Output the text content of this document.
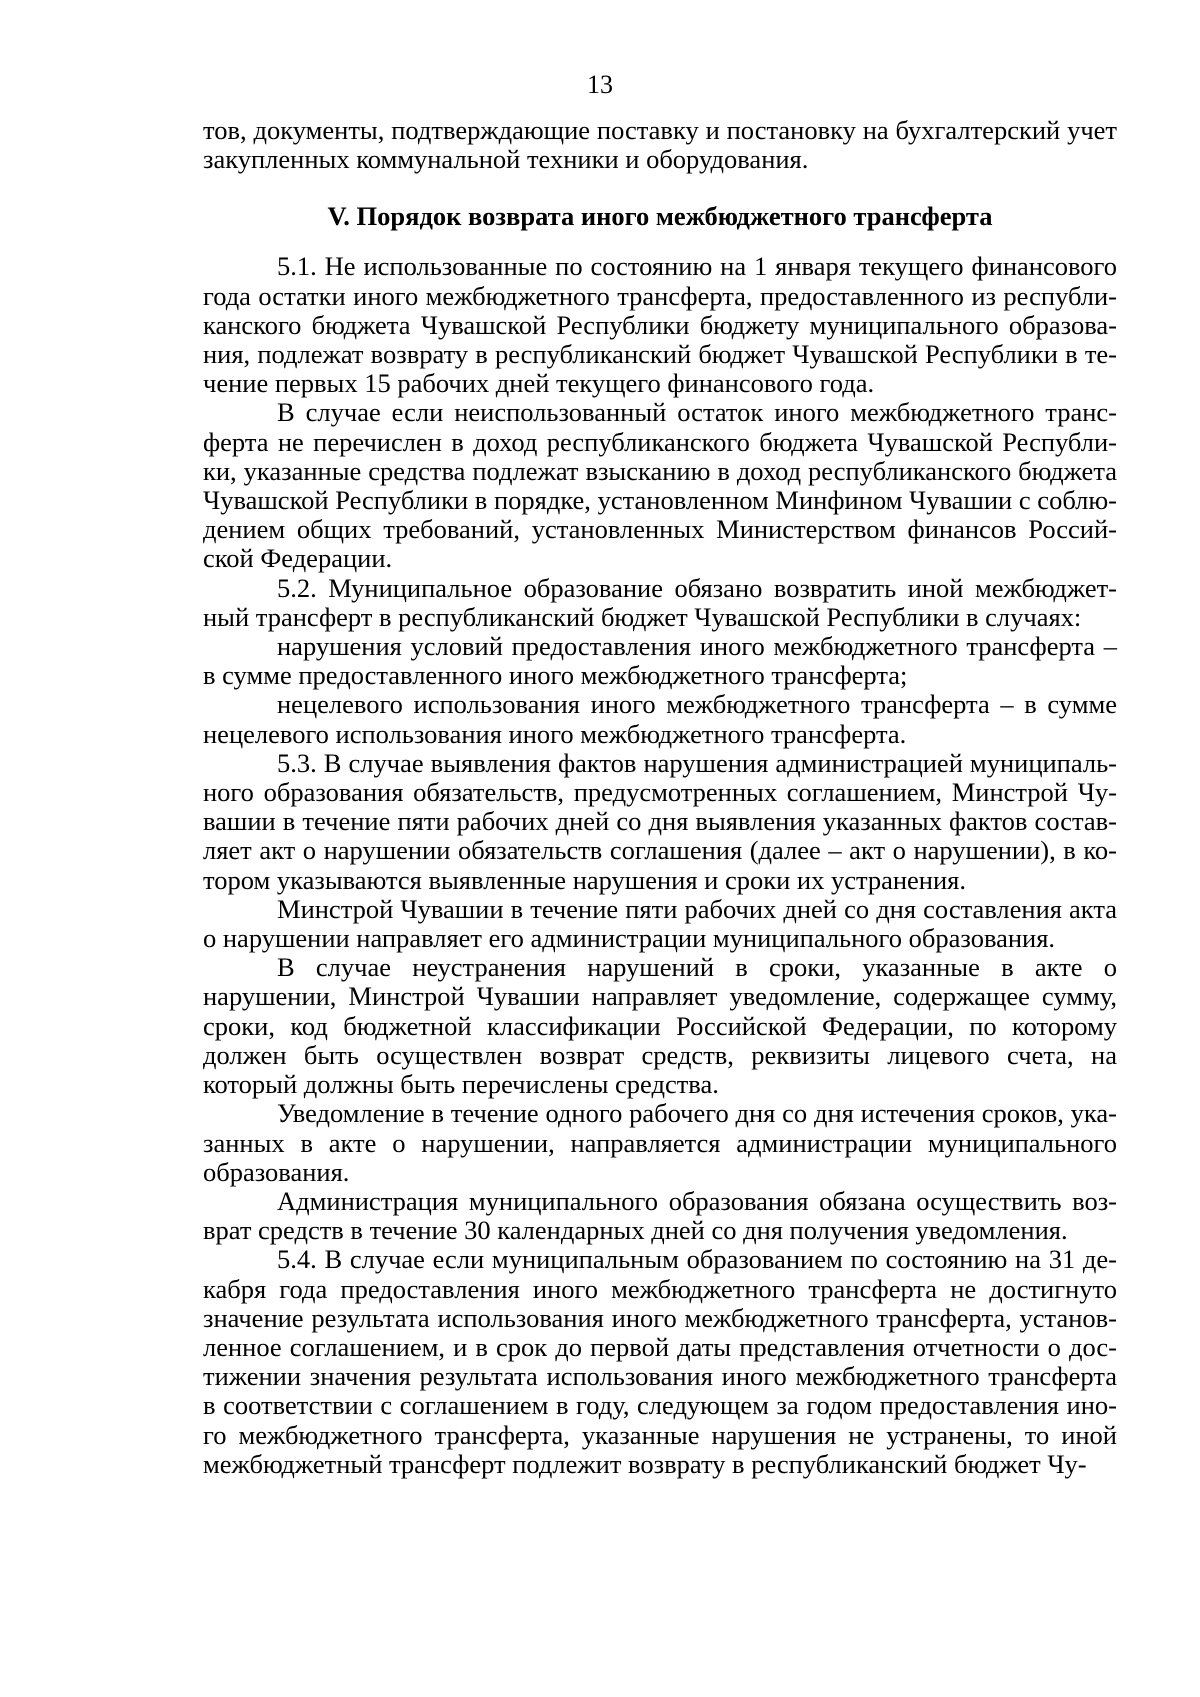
13

тов, документы, подтверждающие поставку и постановку на бухгалтерский учет закупленных коммунальной техники и оборудования.

V. Порядок возврата иного межбюджетного трансферта

5.1. Не использованные по состоянию на 1 января текущего финансового года остатки иного межбюджетного трансферта, предоставленного из республиканского бюджета Чувашской Республики бюджету муниципального образования, подлежат возврату в республиканский бюджет Чувашской Республики в течение первых 15 рабочих дней текущего финансового года.

В случае если неиспользованный остаток иного межбюджетного трансферта не перечислен в доход республиканского бюджета Чувашской Республики, указанные средства подлежат взысканию в доход республиканского бюджета Чувашской Республики в порядке, установленном Минфином Чувашии с соблюдением общих требований, установленных Министерством финансов Российской Федерации.

5.2. Муниципальное образование обязано возвратить иной межбюджетный трансферт в республиканский бюджет Чувашской Республики в случаях:

нарушения условий предоставления иного межбюджетного трансферта – в сумме предоставленного иного межбюджетного трансферта;

нецелевого использования иного межбюджетного трансферта – в сумме нецелевого использования иного межбюджетного трансферта.

5.3. В случае выявления фактов нарушения администрацией муниципального образования обязательств, предусмотренных соглашением, Минстрой Чувашии в течение пяти рабочих дней со дня выявления указанных фактов составляет акт о нарушении обязательств соглашения (далее – акт о нарушении), в котором указываются выявленные нарушения и сроки их устранения.

Минстрой Чувашии в течение пяти рабочих дней со дня составления акта о нарушении направляет его администрации муниципального образования.

В случае неустранения нарушений в сроки, указанные в акте о нарушении, Минстрой Чувашии направляет уведомление, содержащее сумму, сроки, код бюджетной классификации Российской Федерации, по которому должен быть осуществлен возврат средств, реквизиты лицевого счета, на который должны быть перечислены средства.

Уведомление в течение одного рабочего дня со дня истечения сроков, указанных в акте о нарушении, направляется администрации муниципального образования.

Администрация муниципального образования обязана осуществить возврат средств в течение 30 календарных дней со дня получения уведомления.

5.4. В случае если муниципальным образованием по состоянию на 31 декабря года предоставления иного межбюджетного трансферта не достигнуто значение результата использования иного межбюджетного трансферта, установленное соглашением, и в срок до первой даты представления отчетности о достижении значения результата использования иного межбюджетного трансферта в соответствии с соглашением в году, следующем за годом предоставления иного межбюджетного трансферта, указанные нарушения не устранены, то иной межбюджетный трансферт подлежит возврату в республиканский бюджет Чу-
